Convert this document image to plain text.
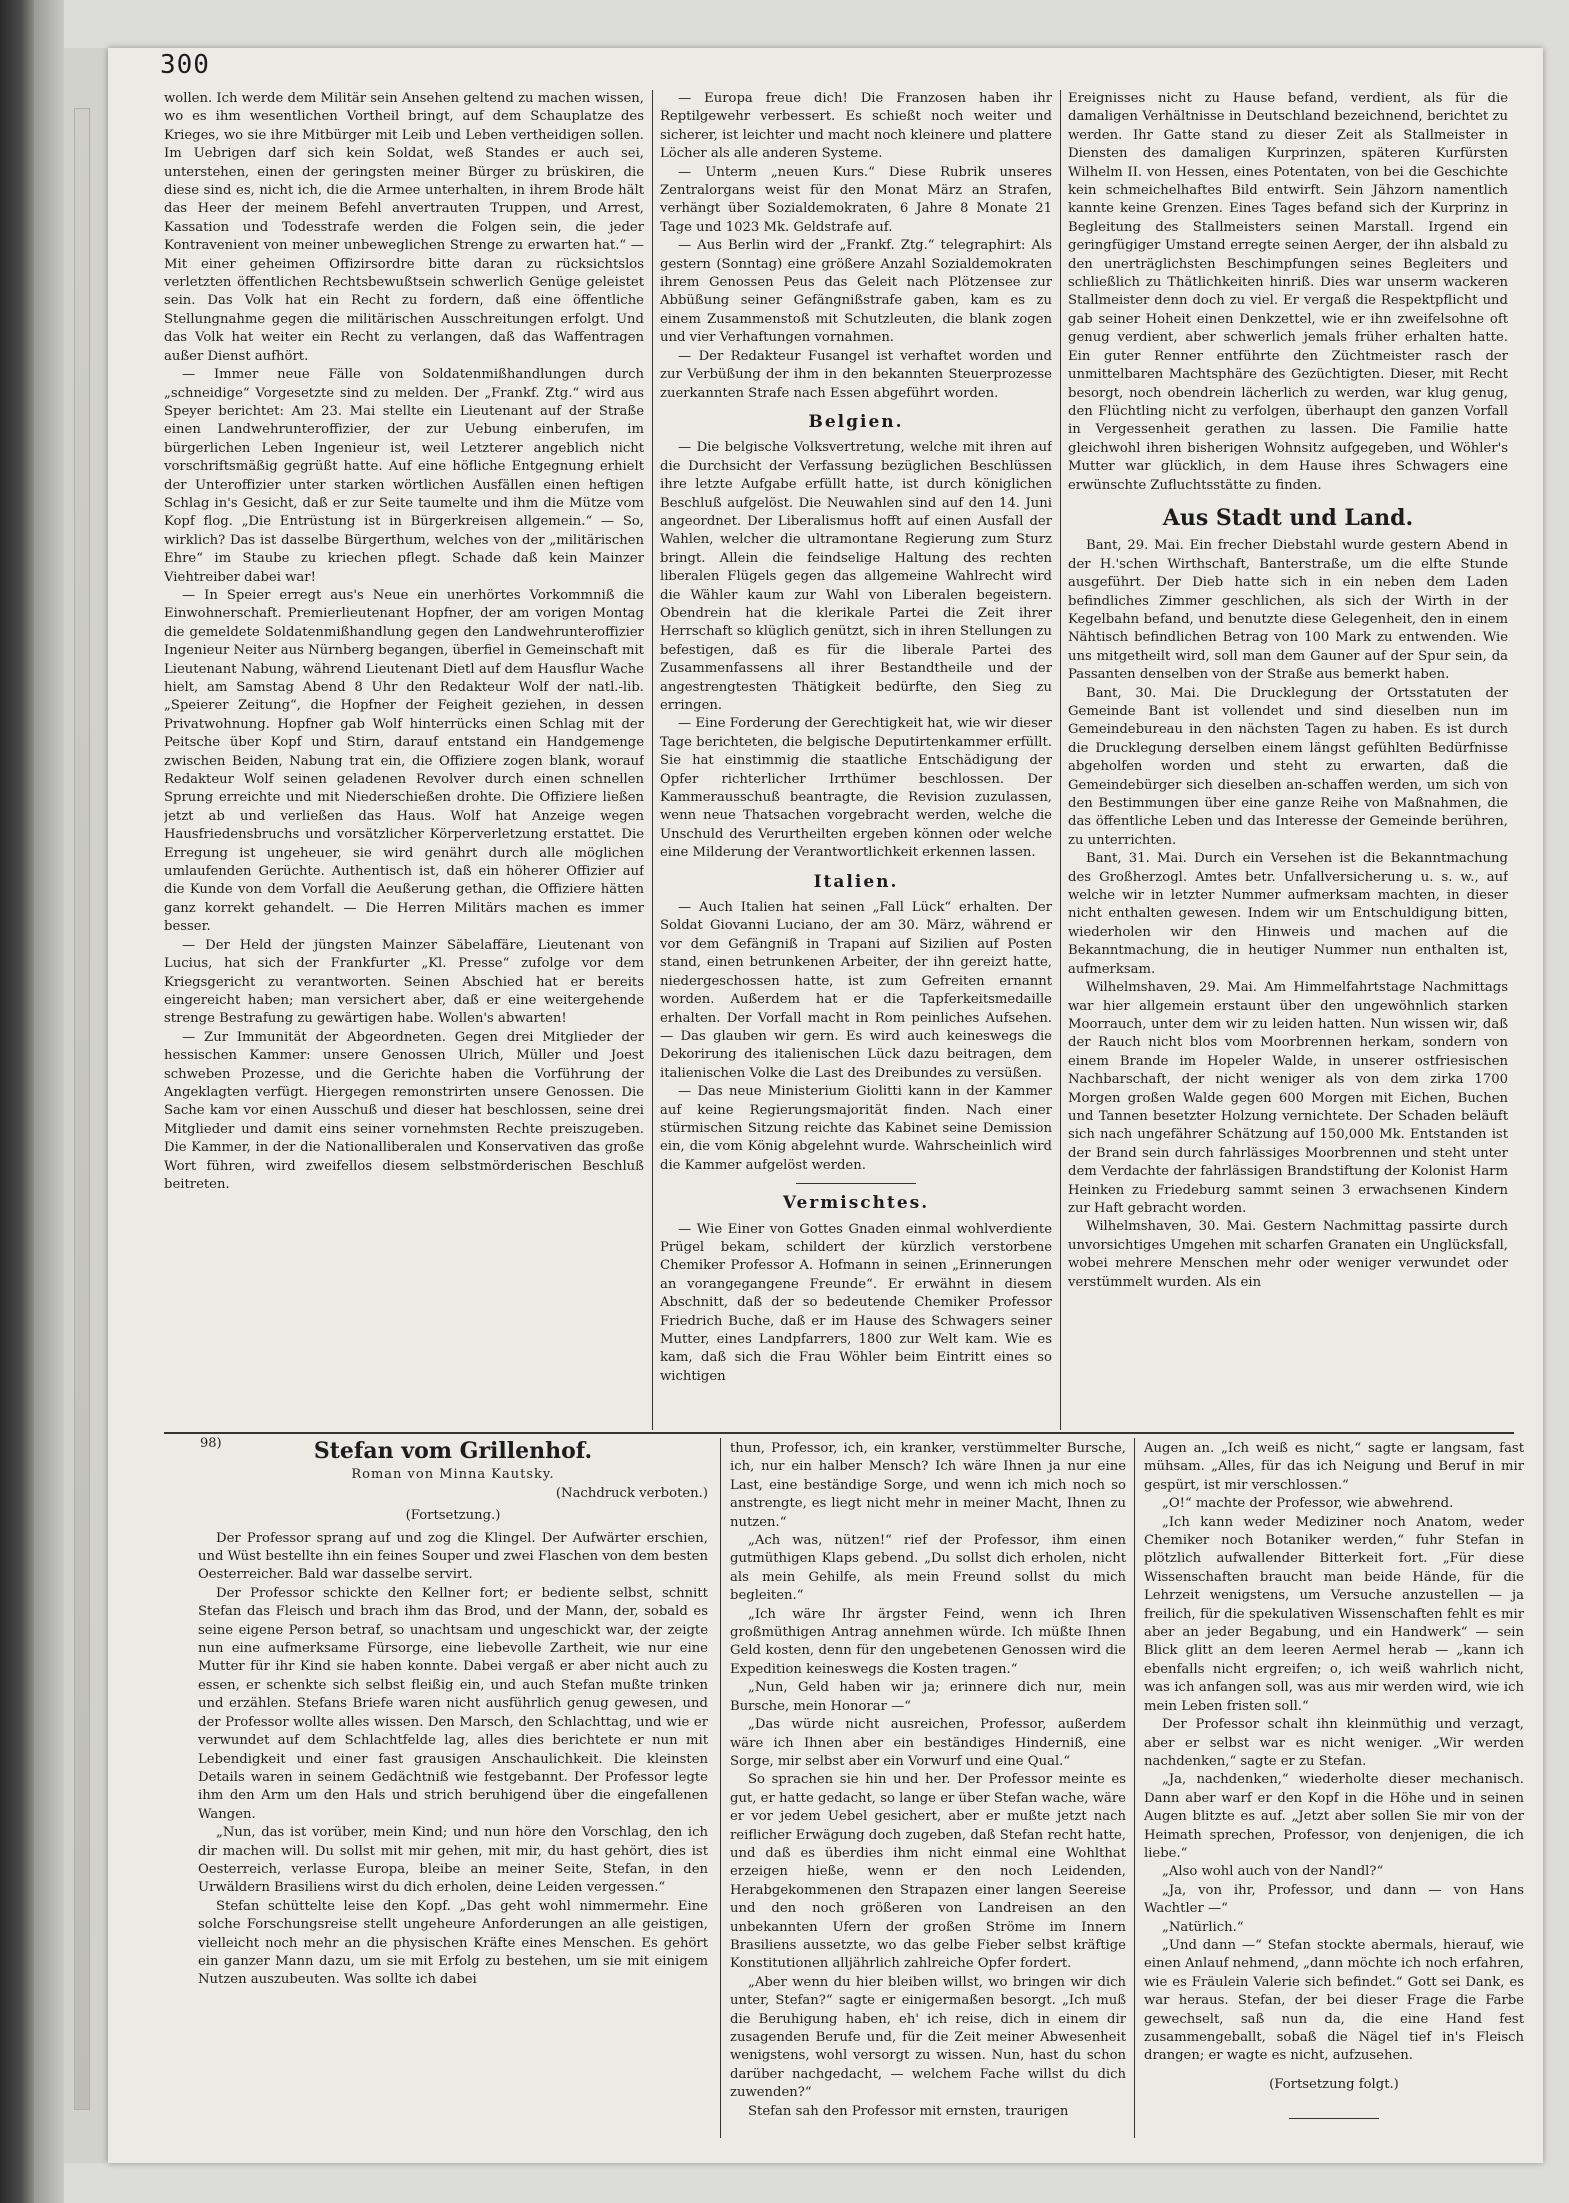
300

wollen. Ich werde dem Militär sein Ansehen geltend zu machen wissen, wo es ihm wesentlichen Vortheil bringt, auf dem Schauplatze des Krieges, wo sie ihre Mitbürger mit Leib und Leben vertheidigen sollen. Im Uebrigen darf sich kein Soldat, weß Standes er auch sei, unterstehen, einen der geringsten meiner Bürger zu brüskiren, die diese sind es, nicht ich, die die Armee unterhalten, in ihrem Brode hält das Heer der meinem Befehl anvertrauten Truppen, und Arrest, Kassation und Todesstrafe werden die Folgen sein, die jeder Kontravenient von meiner unbeweglichen Strenge zu erwarten hat.“ — Mit einer geheimen Offizirsordre bitte daran zu rücksichtslos verletzten öffentlichen Rechtsbewußtsein schwerlich Genüge geleistet sein. Das Volk hat ein Recht zu fordern, daß eine öffentliche Stellungnahme gegen die militärischen Ausschreitungen erfolgt. Und das Volk hat weiter ein Recht zu verlangen, daß das Waffentragen außer Dienst aufhört.

— Immer neue Fälle von Soldatenmißhandlungen durch „schneidige“ Vorgesetzte sind zu melden. Der „Frankf. Ztg.“ wird aus Speyer berichtet: Am 23. Mai stellte ein Lieutenant auf der Straße einen Landwehrunteroffizier, der zur Uebung einberufen, im bürgerlichen Leben Ingenieur ist, weil Letzterer angeblich nicht vorschriftsmäßig gegrüßt hatte. Auf eine höfliche Entgegnung erhielt der Unteroffizier unter starken wörtlichen Ausfällen einen heftigen Schlag in's Gesicht, daß er zur Seite taumelte und ihm die Mütze vom Kopf flog. „Die Entrüstung ist in Bürgerkreisen allgemein.“ — So, wirklich? Das ist dasselbe Bürgerthum, welches von der „militärischen Ehre“ im Staube zu kriechen pflegt. Schade daß kein Mainzer Viehtreiber dabei war!

— In Speier erregt aus's Neue ein unerhörtes Vorkommniß die Einwohnerschaft. Premierlieutenant Hopfner, der am vorigen Montag die gemeldete Soldatenmißhandlung gegen den Landwehrunteroffizier Ingenieur Neiter aus Nürnberg begangen, überfiel in Gemeinschaft mit Lieutenant Nabung, während Lieutenant Dietl auf dem Hausflur Wache hielt, am Samstag Abend 8 Uhr den Redakteur Wolf der natl.-lib. „Speierer Zeitung“, die Hopfner der Feigheit geziehen, in dessen Privatwohnung. Hopfner gab Wolf hinterrücks einen Schlag mit der Peitsche über Kopf und Stirn, darauf entstand ein Handgemenge zwischen Beiden, Nabung trat ein, die Offiziere zogen blank, worauf Redakteur Wolf seinen geladenen Revolver durch einen schnellen Sprung erreichte und mit Niederschießen drohte. Die Offiziere ließen jetzt ab und verließen das Haus. Wolf hat Anzeige wegen Hausfriedensbruchs und vorsätzlicher Körperverletzung erstattet. Die Erregung ist ungeheuer, sie wird genährt durch alle möglichen umlaufenden Gerüchte. Authentisch ist, daß ein höherer Offizier auf die Kunde von dem Vorfall die Aeußerung gethan, die Offiziere hätten ganz korrekt gehandelt. — Die Herren Militärs machen es immer besser.

— Der Held der jüngsten Mainzer Säbelaffäre, Lieutenant von Lucius, hat sich der Frankfurter „Kl. Presse“ zufolge vor dem Kriegsgericht zu verantworten. Seinen Abschied hat er bereits eingereicht haben; man versichert aber, daß er eine weitergehende strenge Bestrafung zu gewärtigen habe. Wollen's abwarten!

— Zur Immunität der Abgeordneten. Gegen drei Mitglieder der hessischen Kammer: unsere Genossen Ulrich, Müller und Joest schweben Prozesse, und die Gerichte haben die Vorführung der Angeklagten verfügt. Hiergegen remonstrirten unsere Genossen. Die Sache kam vor einen Ausschuß und dieser hat beschlossen, seine drei Mitglieder und damit eins seiner vornehmsten Rechte preiszugeben. Die Kammer, in der die Nationalliberalen und Konservativen das große Wort führen, wird zweifellos diesem selbstmörderischen Beschluß beitreten.

— Europa freue dich! Die Franzosen haben ihr Reptilgewehr verbessert. Es schießt noch weiter und sicherer, ist leichter und macht noch kleinere und plattere Löcher als alle anderen Systeme.

— Unterm „neuen Kurs.“ Diese Rubrik unseres Zentralorgans weist für den Monat März an Strafen, verhängt über Sozialdemokraten, 6 Jahre 8 Monate 21 Tage und 1023 Mk. Geldstrafe auf.

— Aus Berlin wird der „Frankf. Ztg.“ telegraphirt: Als gestern (Sonntag) eine größere Anzahl Sozialdemokraten ihrem Genossen Peus das Geleit nach Plötzensee zur Abbüßung seiner Gefängnißstrafe gaben, kam es zu einem Zusammenstoß mit Schutzleuten, die blank zogen und vier Verhaftungen vornahmen.

— Der Redakteur Fusangel ist verhaftet worden und zur Verbüßung der ihm in den bekannten Steuerprozesse zuerkannten Strafe nach Essen abgeführt worden.

Belgien.

— Die belgische Volksvertretung, welche mit ihren auf die Durchsicht der Verfassung bezüglichen Beschlüssen ihre letzte Aufgabe erfüllt hatte, ist durch königlichen Beschluß aufgelöst. Die Neuwahlen sind auf den 14. Juni angeordnet. Der Liberalismus hofft auf einen Ausfall der Wahlen, welcher die ultramontane Regierung zum Sturz bringt. Allein die feindselige Haltung des rechten liberalen Flügels gegen das allgemeine Wahlrecht wird die Wähler kaum zur Wahl von Liberalen begeistern. Obendrein hat die klerikale Partei die Zeit ihrer Herrschaft so klüglich genützt, sich in ihren Stellungen zu befestigen, daß es für die liberale Partei des Zusammenfassens all ihrer Bestandtheile und der angestrengtesten Thätigkeit bedürfte, den Sieg zu erringen.

— Eine Forderung der Gerechtigkeit hat, wie wir dieser Tage berichteten, die belgische Deputirtenkammer erfüllt. Sie hat einstimmig die staatliche Entschädigung der Opfer richterlicher Irrthümer beschlossen. Der Kammerausschuß beantragte, die Revision zuzulassen, wenn neue Thatsachen vorgebracht werden, welche die Unschuld des Verurtheilten ergeben können oder welche eine Milderung der Verantwortlichkeit erkennen lassen.

Italien.

— Auch Italien hat seinen „Fall Lück“ erhalten. Der Soldat Giovanni Luciano, der am 30. März, während er vor dem Gefängniß in Trapani auf Sizilien auf Posten stand, einen betrunkenen Arbeiter, der ihn gereizt hatte, niedergeschossen hatte, ist zum Gefreiten ernannt worden. Außerdem hat er die Tapferkeitsmedaille erhalten. Der Vorfall macht in Rom peinliches Aufsehen. — Das glauben wir gern. Es wird auch keineswegs die Dekorirung des italienischen Lück dazu beitragen, dem italienischen Volke die Last des Dreibundes zu versüßen.

— Das neue Ministerium Giolitti kann in der Kammer auf keine Regierungsmajorität finden. Nach einer stürmischen Sitzung reichte das Kabinet seine Demission ein, die vom König abgelehnt wurde. Wahrscheinlich wird die Kammer aufgelöst werden.

Vermischtes.

— Wie Einer von Gottes Gnaden einmal wohlverdiente Prügel bekam, schildert der kürzlich verstorbene Chemiker Professor A. Hofmann in seinen „Erinnerungen an vorangegangene Freunde“. Er erwähnt in diesem Abschnitt, daß der so bedeutende Chemiker Professor Friedrich Buche, daß er im Hause des Schwagers seiner Mutter, eines Landpfarrers, 1800 zur Welt kam. Wie es kam, daß sich die Frau Wöhler beim Eintritt eines so wichtigen

Ereignisses nicht zu Hause befand, verdient, als für die damaligen Verhältnisse in Deutschland bezeichnend, berichtet zu werden. Ihr Gatte stand zu dieser Zeit als Stallmeister in Diensten des damaligen Kurprinzen, späteren Kurfürsten Wilhelm II. von Hessen, eines Potentaten, von bei die Geschichte kein schmeichelhaftes Bild entwirft. Sein Jähzorn namentlich kannte keine Grenzen. Eines Tages befand sich der Kurprinz in Begleitung des Stallmeisters seinen Marstall. Irgend ein geringfügiger Umstand erregte seinen Aerger, der ihn alsbald zu den unerträglichsten Beschimpfungen seines Begleiters und schließlich zu Thätlichkeiten hinriß. Dies war unserm wackeren Stallmeister denn doch zu viel. Er vergaß die Respektpflicht und gab seiner Hoheit einen Denkzettel, wie er ihn zweifelsohne oft genug verdient, aber schwerlich jemals früher erhalten hatte. Ein guter Renner entführte den Züchtmeister rasch der unmittelbaren Machtsphäre des Gezüchtigten. Dieser, mit Recht besorgt, noch obendrein lächerlich zu werden, war klug genug, den Flüchtling nicht zu verfolgen, überhaupt den ganzen Vorfall in Vergessenheit gerathen zu lassen. Die Familie hatte gleichwohl ihren bisherigen Wohnsitz aufgegeben, und Wöhler's Mutter war glücklich, in dem Hause ihres Schwagers eine erwünschte Zufluchtsstätte zu finden.

Aus Stadt und Land.

Bant, 29. Mai. Ein frecher Diebstahl wurde gestern Abend in der H.'schen Wirthschaft, Banterstraße, um die elfte Stunde ausgeführt. Der Dieb hatte sich in ein neben dem Laden befindliches Zimmer geschlichen, als sich der Wirth in der Kegelbahn befand, und benutzte diese Gelegenheit, den in einem Nähtisch befindlichen Betrag von 100 Mark zu entwenden. Wie uns mitgetheilt wird, soll man dem Gauner auf der Spur sein, da Passanten denselben von der Straße aus bemerkt haben.

Bant, 30. Mai. Die Drucklegung der Ortsstatuten der Gemeinde Bant ist vollendet und sind dieselben nun im Gemeindebureau in den nächsten Tagen zu haben. Es ist durch die Drucklegung derselben einem längst gefühlten Bedürfnisse abgeholfen worden und steht zu erwarten, daß die Gemeindebürger sich dieselben an-schaffen werden, um sich von den Bestimmungen über eine ganze Reihe von Maßnahmen, die das öffentliche Leben und das Interesse der Gemeinde berühren, zu unterrichten.

Bant, 31. Mai. Durch ein Versehen ist die Bekanntmachung des Großherzogl. Amtes betr. Unfallversicherung u. s. w., auf welche wir in letzter Nummer aufmerksam machten, in dieser nicht enthalten gewesen. Indem wir um Entschuldigung bitten, wiederholen wir den Hinweis und machen auf die Bekanntmachung, die in heutiger Nummer nun enthalten ist, aufmerksam.

Wilhelmshaven, 29. Mai. Am Himmelfahrtstage Nachmittags war hier allgemein erstaunt über den ungewöhnlich starken Moorrauch, unter dem wir zu leiden hatten. Nun wissen wir, daß der Rauch nicht blos vom Moorbrennen herkam, sondern von einem Brande im Hopeler Walde, in unserer ostfriesischen Nachbarschaft, der nicht weniger als von dem zirka 1700 Morgen großen Walde gegen 600 Morgen mit Eichen, Buchen und Tannen besetzter Holzung vernichtete. Der Schaden beläuft sich nach ungefährer Schätzung auf 150,000 Mk. Entstanden ist der Brand sein durch fahrlässiges Moorbrennen und steht unter dem Verdachte der fahrlässigen Brandstiftung der Kolonist Harm Heinken zu Friedeburg sammt seinen 3 erwachsenen Kindern zur Haft gebracht worden.

Wilhelmshaven, 30. Mai. Gestern Nachmittag passirte durch unvorsichtiges Umgehen mit scharfen Granaten ein Unglücksfall, wobei mehrere Menschen mehr oder weniger verwundet oder verstümmelt wurden. Als ein

98)	Stefan vom Grillenhof.
Roman von Minna Kautsky.
(Nachdruck verboten.)
(Fortsetzung.)

Der Professor sprang auf und zog die Klingel. Der Aufwärter erschien, und Wüst bestellte ihn ein feines Souper und zwei Flaschen von dem besten Oesterreicher. Bald war dasselbe servirt.

Der Professor schickte den Kellner fort; er bediente selbst, schnitt Stefan das Fleisch und brach ihm das Brod, und der Mann, der, sobald es seine eigene Person betraf, so unachtsam und ungeschickt war, der zeigte nun eine aufmerksame Fürsorge, eine liebevolle Zartheit, wie nur eine Mutter für ihr Kind sie haben konnte. Dabei vergaß er aber nicht auch zu essen, er schenkte sich selbst fleißig ein, und auch Stefan mußte trinken und erzählen. Stefans Briefe waren nicht ausführlich genug gewesen, und der Professor wollte alles wissen. Den Marsch, den Schlachttag, und wie er verwundet auf dem Schlachtfelde lag, alles dies berichtete er nun mit Lebendigkeit und einer fast grausigen Anschaulichkeit. Die kleinsten Details waren in seinem Gedächtniß wie festgebannt. Der Professor legte ihm den Arm um den Hals und strich beruhigend über die eingefallenen Wangen.

„Nun, das ist vorüber, mein Kind; und nun höre den Vorschlag, den ich dir machen will. Du sollst mit mir gehen, mit mir, du hast gehört, dies ist Oesterreich, verlasse Europa, bleibe an meiner Seite, Stefan, in den Urwäldern Brasiliens wirst du dich erholen, deine Leiden vergessen.“

Stefan schüttelte leise den Kopf. „Das geht wohl nimmermehr. Eine solche Forschungsreise stellt ungeheure Anforderungen an alle geistigen, vielleicht noch mehr an die physischen Kräfte eines Menschen. Es gehört ein ganzer Mann dazu, um sie mit Erfolg zu bestehen, um sie mit einigem Nutzen auszubeuten. Was sollte ich dabei

thun, Professor, ich, ein kranker, verstümmelter Bursche, ich, nur ein halber Mensch? Ich wäre Ihnen ja nur eine Last, eine beständige Sorge, und wenn ich mich noch so anstrengte, es liegt nicht mehr in meiner Macht, Ihnen zu nutzen.“

„Ach was, nützen!“ rief der Professor, ihm einen gutmüthigen Klaps gebend. „Du sollst dich erholen, nicht als mein Gehilfe, als mein Freund sollst du mich begleiten.“

„Ich wäre Ihr ärgster Feind, wenn ich Ihren großmüthigen Antrag annehmen würde. Ich müßte Ihnen Geld kosten, denn für den ungebetenen Genossen wird die Expedition keineswegs die Kosten tragen.“

„Nun, Geld haben wir ja; erinnere dich nur, mein Bursche, mein Honorar —“

„Das würde nicht ausreichen, Professor, außerdem wäre ich Ihnen aber ein beständiges Hinderniß, eine Sorge, mir selbst aber ein Vorwurf und eine Qual.“

So sprachen sie hin und her. Der Professor meinte es gut, er hatte gedacht, so lange er über Stefan wache, wäre er vor jedem Uebel gesichert, aber er mußte jetzt nach reiflicher Erwägung doch zugeben, daß Stefan recht hatte, und daß es überdies ihm nicht einmal eine Wohlthat erzeigen hieße, wenn er den noch Leidenden, Herabgekommenen den Strapazen einer langen Seereise und den noch größeren von Landreisen an den unbekannten Ufern der großen Ströme im Innern Brasiliens aussetzte, wo das gelbe Fieber selbst kräftige Konstitutionen alljährlich zahlreiche Opfer fordert.

„Aber wenn du hier bleiben willst, wo bringen wir dich unter, Stefan?“ sagte er einigermaßen besorgt. „Ich muß die Beruhigung haben, eh' ich reise, dich in einem dir zusagenden Berufe und, für die Zeit meiner Abwesenheit wenigstens, wohl versorgt zu wissen. Nun, hast du schon darüber nachgedacht, — welchem Fache willst du dich zuwenden?“

Stefan sah den Professor mit ernsten, traurigen

Augen an. „Ich weiß es nicht,“ sagte er langsam, fast mühsam. „Alles, für das ich Neigung und Beruf in mir gespürt, ist mir verschlossen.“

„O!“ machte der Professor, wie abwehrend.

„Ich kann weder Mediziner noch Anatom, weder Chemiker noch Botaniker werden,“ fuhr Stefan in plötzlich aufwallender Bitterkeit fort. „Für diese Wissenschaften braucht man beide Hände, für die Lehrzeit wenigstens, um Versuche anzustellen — ja freilich, für die spekulativen Wissenschaften fehlt es mir aber an jeder Begabung, und ein Handwerk“ — sein Blick glitt an dem leeren Aermel herab — „kann ich ebenfalls nicht ergreifen; o, ich weiß wahrlich nicht, was ich anfangen soll, was aus mir werden wird, wie ich mein Leben fristen soll.“

Der Professor schalt ihn kleinmüthig und verzagt, aber er selbst war es nicht weniger. „Wir werden nachdenken,“ sagte er zu Stefan.

„Ja, nachdenken,“ wiederholte dieser mechanisch. Dann aber warf er den Kopf in die Höhe und in seinen Augen blitzte es auf. „Jetzt aber sollen Sie mir von der Heimath sprechen, Professor, von denjenigen, die ich liebe.“

„Also wohl auch von der Nandl?“

„Ja, von ihr, Professor, und dann — von Hans Wachtler —“

„Natürlich.“

„Und dann —“ Stefan stockte abermals, hierauf, wie einen Anlauf nehmend, „dann möchte ich noch erfahren, wie es Fräulein Valerie sich befindet.“ Gott sei Dank, es war heraus. Stefan, der bei dieser Frage die Farbe gewechselt, saß nun da, die eine Hand fest zusammengeballt, sobaß die Nägel tief in's Fleisch drangen; er wagte es nicht, aufzusehen.

(Fortsetzung folgt.)
